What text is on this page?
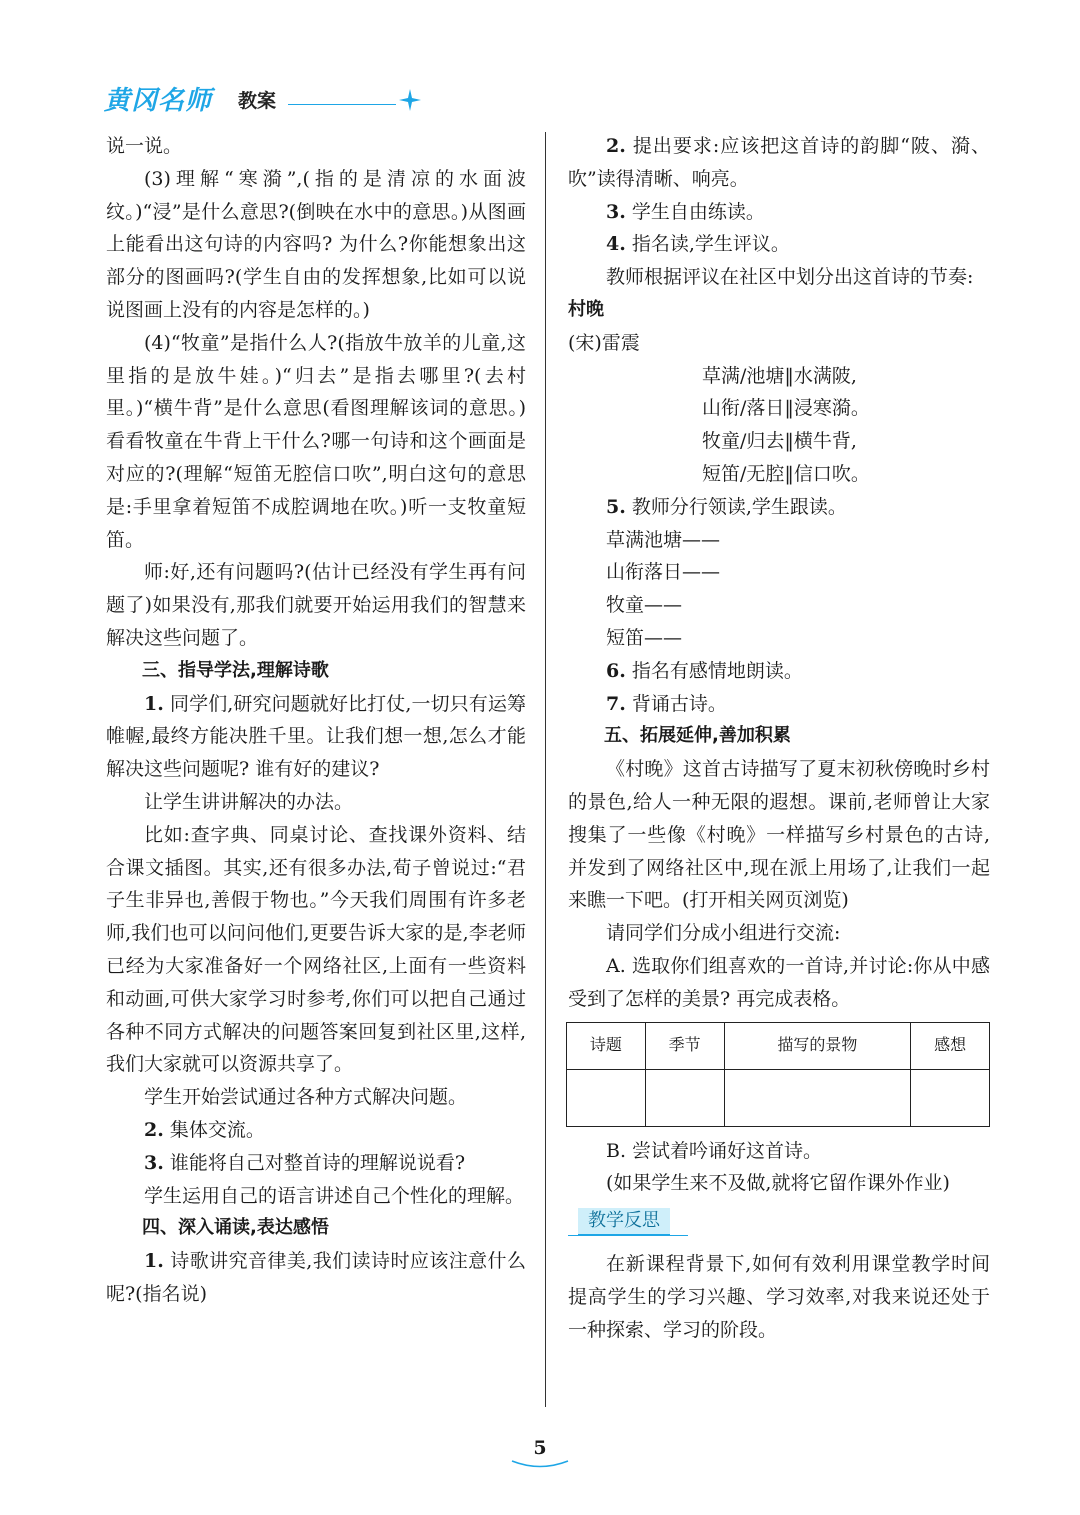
黄冈名师 教案

说一说。

(3)理解“寒漪”,(指的是清凉的水面波纹。)“浸”是什么意思?(倒映在水中的意思。)从图画上能看出这句诗的内容吗? 为什么?你能想象出这部分的图画吗?(学生自由的发挥想象,比如可以说说图画上没有的内容是怎样的。)

(4)“牧童”是指什么人?(指放牛放羊的儿童,这里指的是放牛娃。)“归去”是指去哪里?(去村里。)“横牛背”是什么意思(看图理解该词的意思。)看看牧童在牛背上干什么?哪一句诗和这个画面是对应的?(理解“短笛无腔信口吹”,明白这句的意思是:手里拿着短笛不成腔调地在吹。)听一支牧童短笛。

师:好,还有问题吗?(估计已经没有学生再有问题了)如果没有,那我们就要开始运用我们的智慧来解决这些问题了。

三、指导学法,理解诗歌

1. 同学们,研究问题就好比打仗,一切只有运筹帷幄,最终方能决胜千里。让我们想一想,怎么才能解决这些问题呢? 谁有好的建议?

让学生讲讲解决的办法。

比如:查字典、同桌讨论、查找课外资料、结合课文插图。其实,还有很多办法,荀子曾说过:“君子生非异也,善假于物也。”今天我们周围有许多老师,我们也可以问问他们,更要告诉大家的是,李老师已经为大家准备好一个网络社区,上面有一些资料和动画,可供大家学习时参考,你们可以把自己通过各种不同方式解决的问题答案回复到社区里,这样,我们大家就可以资源共享了。

学生开始尝试通过各种方式解决问题。

2. 集体交流。

3. 谁能将自己对整首诗的理解说说看?

学生运用自己的语言讲述自己个性化的理解。

四、深入诵读,表达感悟

1. 诗歌讲究音律美,我们读诗时应该注意什么呢?(指名说)

2. 提出要求:应该把这首诗的韵脚“陂、漪、吹”读得清晰、响亮。

3. 学生自由练读。

4. 指名读,学生评议。

教师根据评议在社区中划分出这首诗的节奏:

村晚

(宋)雷震

草满/池塘‖水满陂,

山衔/落日‖浸寒漪。

牧童/归去‖横牛背,

短笛/无腔‖信口吹。

5. 教师分行领读,学生跟读。

草满池塘——

山衔落日——

牧童——

短笛——

6. 指名有感情地朗读。

7. 背诵古诗。

五、拓展延伸,善加积累

《村晚》这首古诗描写了夏末初秋傍晚时乡村的景色,给人一种无限的遐想。课前,老师曾让大家搜集了一些像《村晚》一样描写乡村景色的古诗,并发到了网络社区中,现在派上用场了,让我们一起来瞧一下吧。(打开相关网页浏览)

请同学们分成小组进行交流:

A. 选取你们组喜欢的一首诗,并讨论:你从中感受到了怎样的美景? 再完成表格。

诗题	季节	描写的景物	感想

B. 尝试着吟诵好这首诗。

(如果学生来不及做,就将它留作课外作业)

教学反思

在新课程背景下,如何有效利用课堂教学时间提高学生的学习兴趣、学习效率,对我来说还处于一种探索、学习的阶段。

5
